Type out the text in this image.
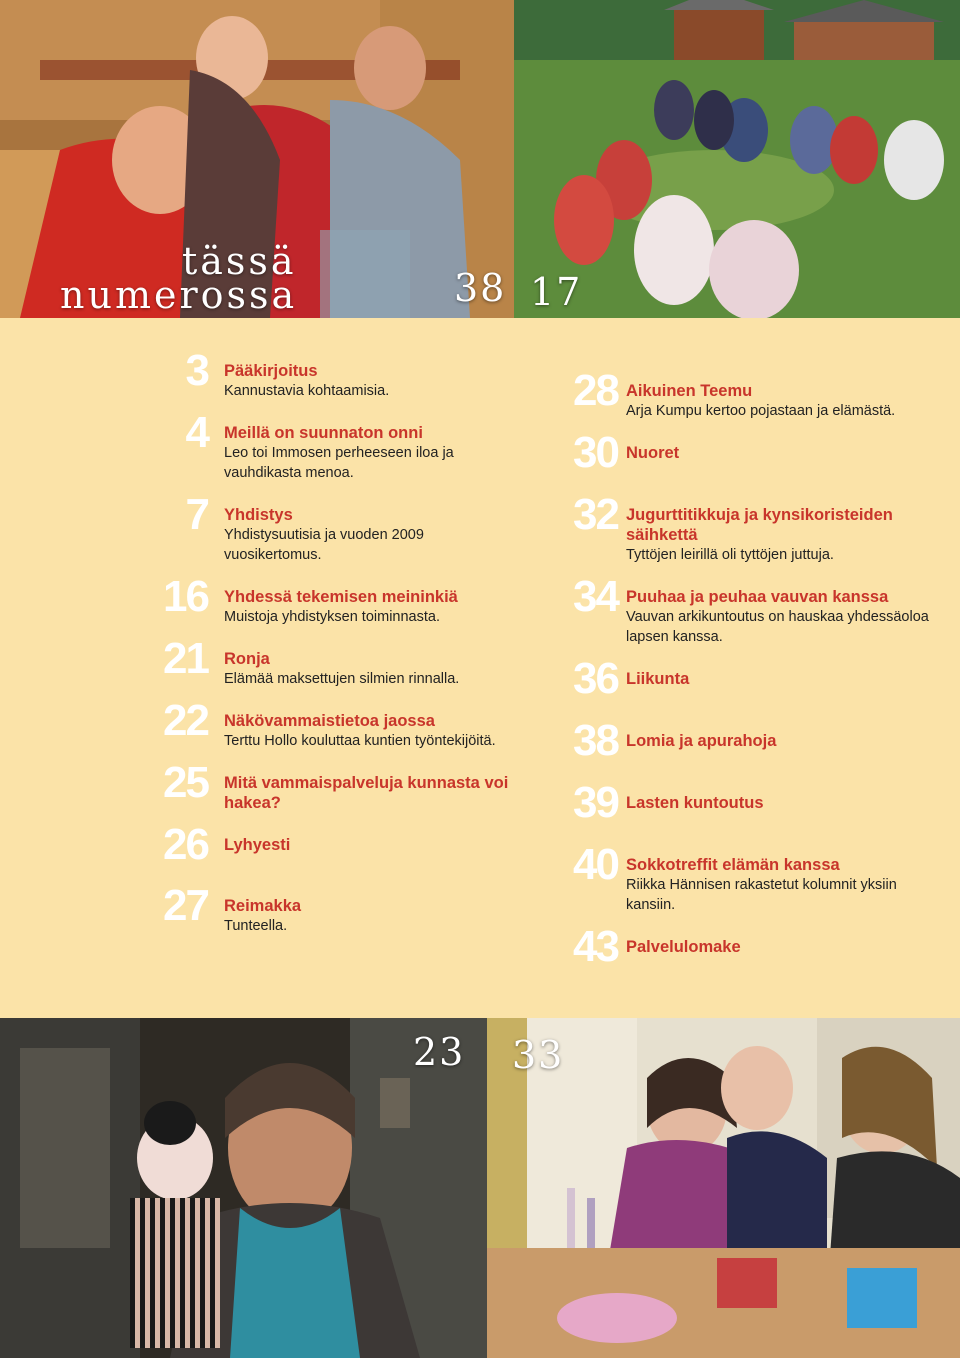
tässä
numerossa	38 17
3 Pääkirjoitus
Kannustavia kohtaamisia.
4 Meillä on suunnaton onni
Leo toi Immosen perheeseen iloa ja vauhdikasta menoa.
7 Yhdistys
Yhdistysuutisia ja vuoden 2009 vuosikertomus.
16 Yhdessä tekemisen meininkiä
Muistoja yhdistyksen toiminnasta.
21 Ronja
Elämää maksettujen silmien rinnalla.
22 Näkövammaistietoa jaossa
Terttu Hollo kouluttaa kuntien työntekijöitä.
25 Mitä vammaispalveluja kunnasta voi hakea?
26 Lyhyesti
27 Reimakka
Tunteella.
28 Aikuinen Teemu
Arja Kumpu kertoo pojastaan ja elämästä.
30 Nuoret
32 Jugurttitikkuja ja kynsikoristeiden säihkettä
Tyttöjen leirillä oli tyttöjen juttuja.
34 Puuhaa ja peuhaa vauvan kanssa
Vauvan arkikuntoutus on hauskaa yhdessäoloa lapsen kanssa.
36 Liikunta
38 Lomia ja apurahoja
39 Lasten kuntoutus
40 Sokkotreffit elämän kanssa
Riikka Hännisen rakastetut kolumnit yksiin kansiin.
43 Palvelulomake
23 33
